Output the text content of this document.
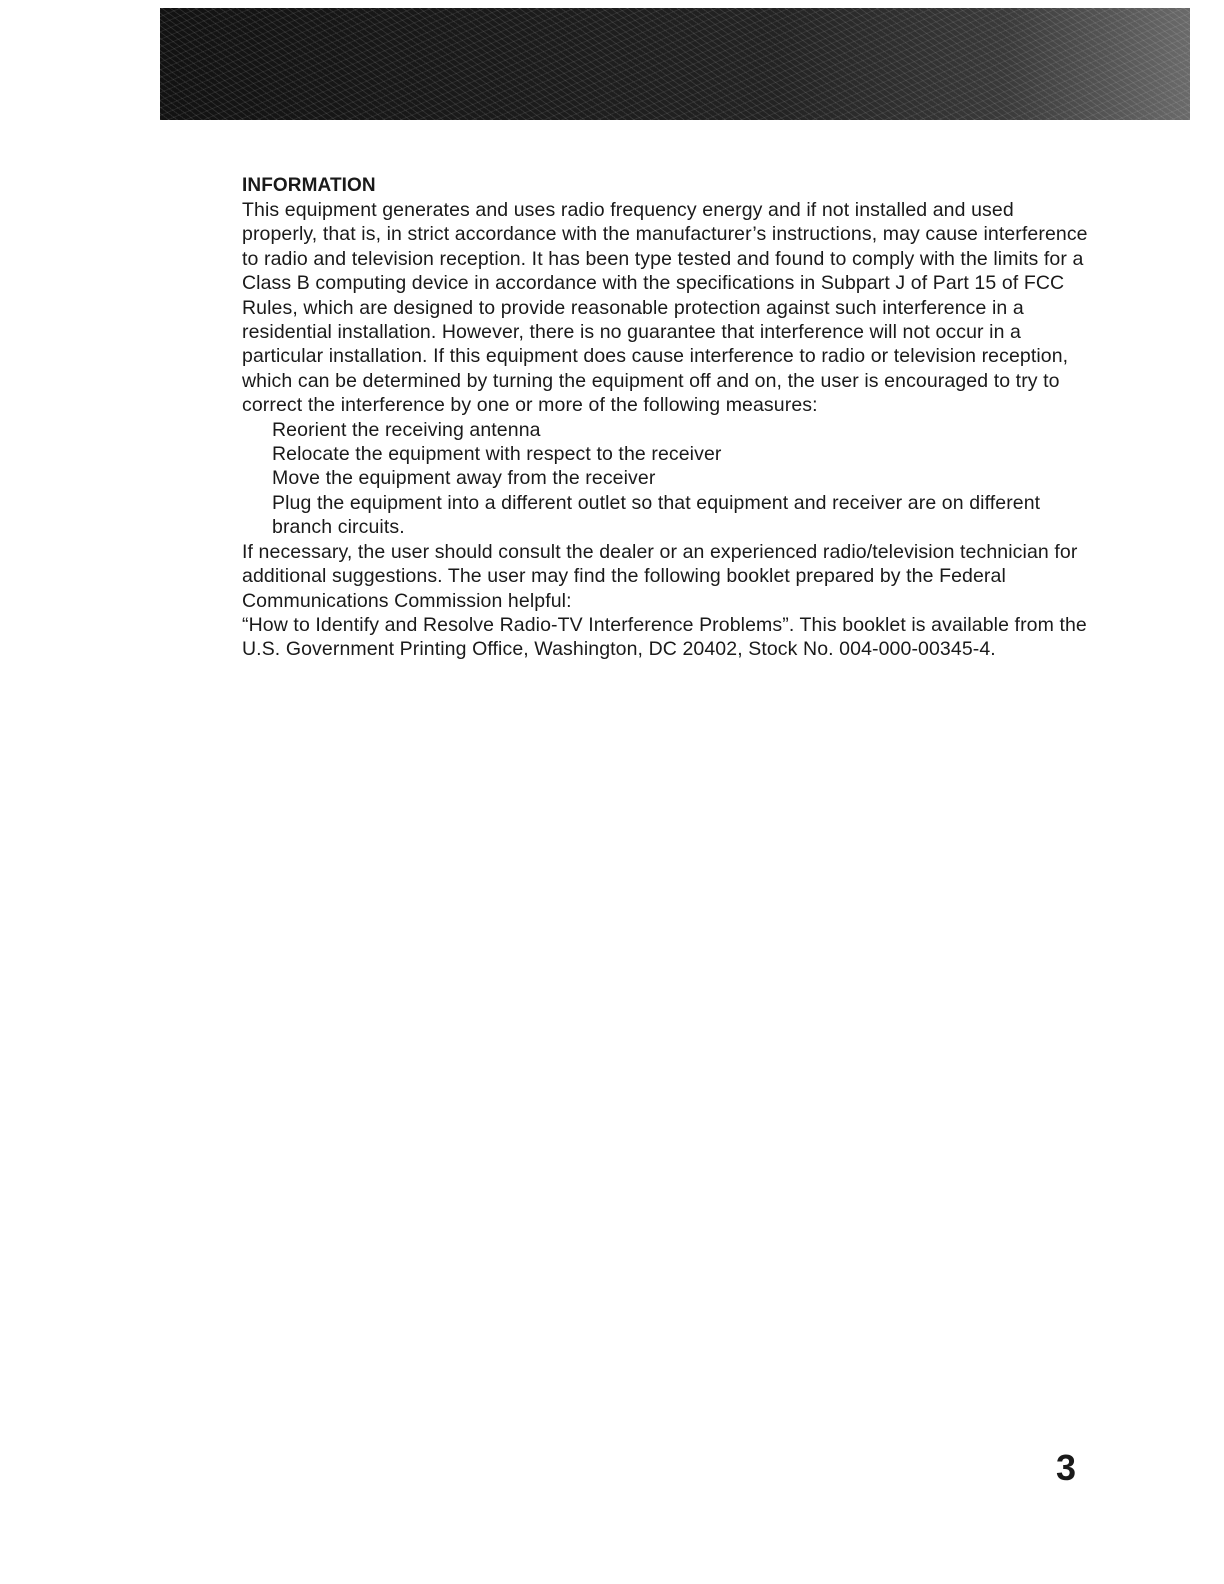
INFORMATION

This equipment generates and uses radio frequency energy and if not installed and used properly, that is, in strict accordance with the manufacturer’s instructions, may cause interference to radio and television reception. It has been type tested and found to comply with the limits for a Class B computing device in accordance with the specifications in Subpart J of Part 15 of FCC Rules, which are designed to provide reasonable protection against such interference in a residential installation. However, there is no guarantee that interference will not occur in a particular installation. If this equipment does cause interference to radio or television reception, which can be determined by turning the equipment off and on, the user is encouraged to try to correct the interference by one or more of the following measures:

Reorient the receiving antenna
Relocate the equipment with respect to the receiver
Move the equipment away from the receiver
Plug the equipment into a different outlet so that equipment and receiver are on different branch circuits.

If necessary, the user should consult the dealer or an experienced radio/television technician for additional suggestions. The user may find the following booklet prepared by the Federal Communications Commission helpful:

“How to Identify and Resolve Radio-TV Interference Problems”. This booklet is available from the U.S. Government Printing Office, Washington, DC 20402, Stock No. 004-000-00345-4.

3
